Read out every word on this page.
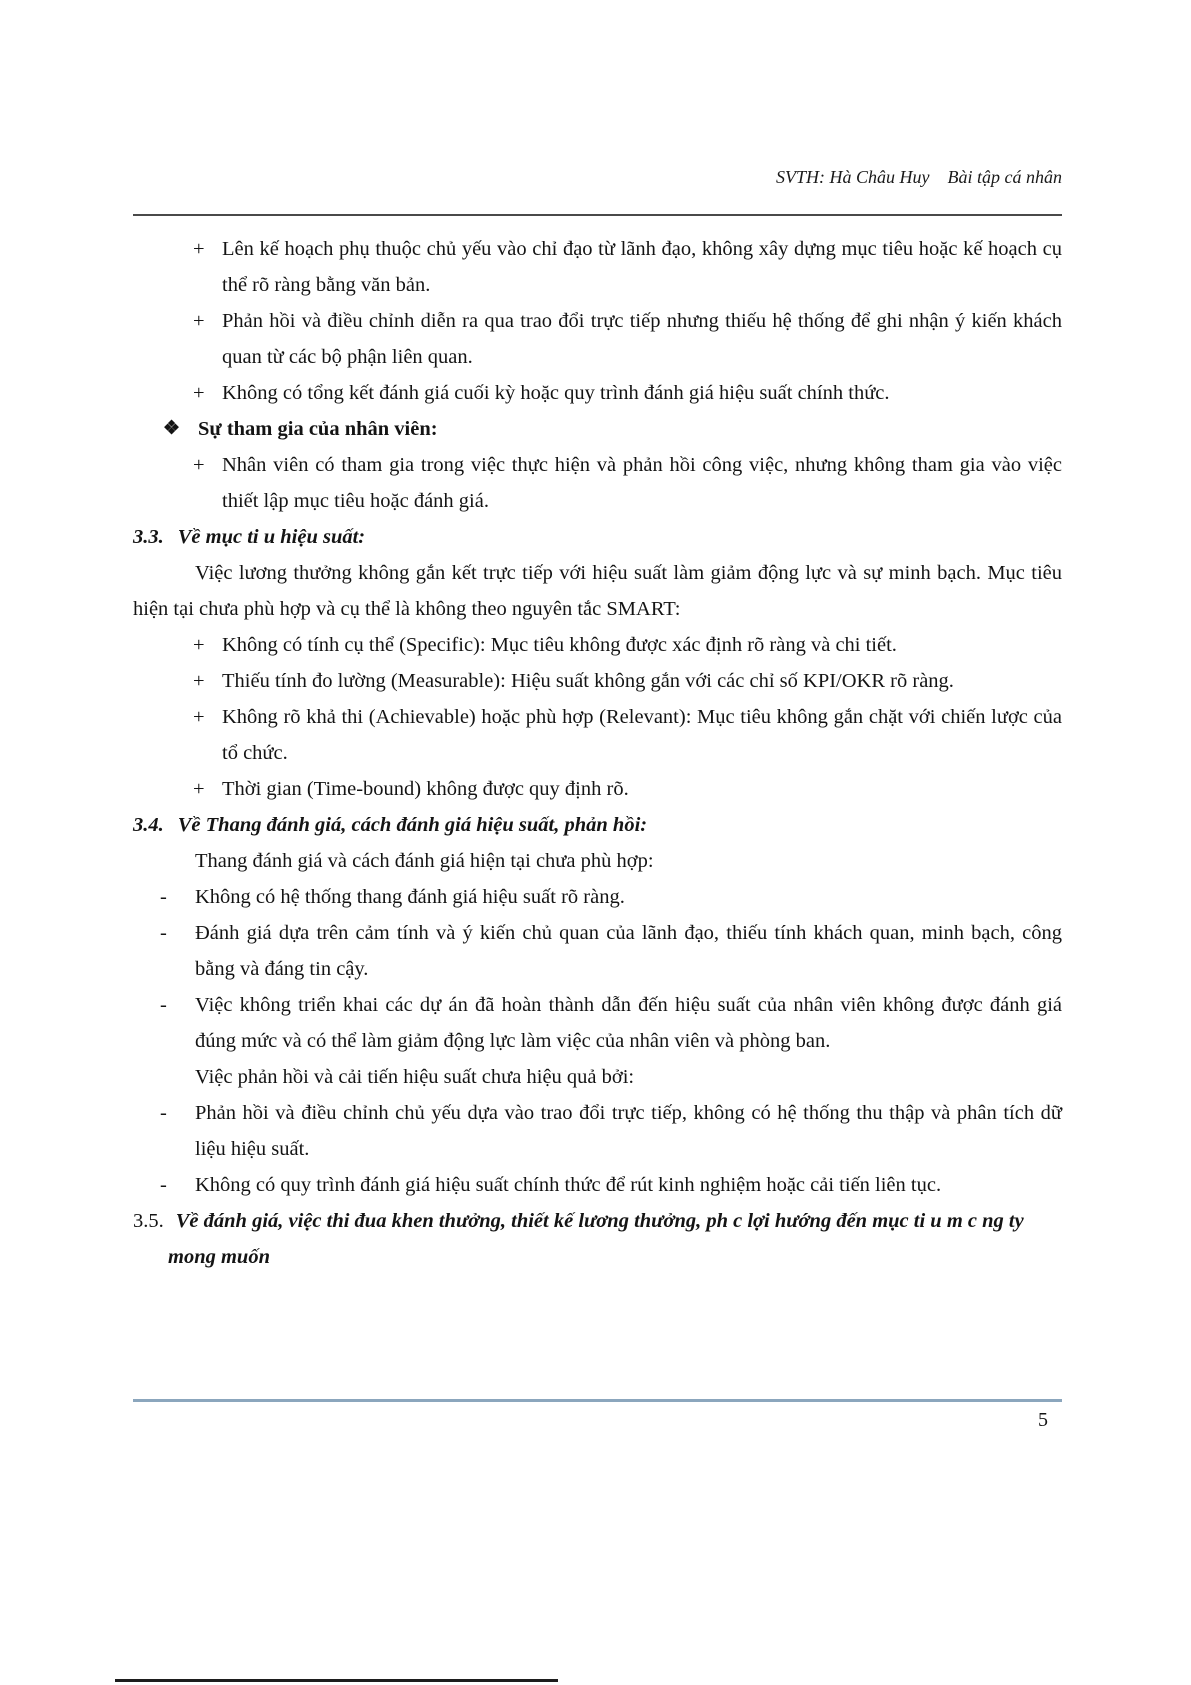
SVTH: Hà Châu Huy    Bài tập cá nhân

+ Lên kế hoạch phụ thuộc chủ yếu vào chỉ đạo từ lãnh đạo, không xây dựng mục tiêu hoặc kế hoạch cụ thể rõ ràng bằng văn bản.
+ Phản hồi và điều chỉnh diễn ra qua trao đổi trực tiếp nhưng thiếu hệ thống để ghi nhận ý kiến khách quan từ các bộ phận liên quan.
+ Không có tổng kết đánh giá cuối kỳ hoặc quy trình đánh giá hiệu suất chính thức.
❖ Sự tham gia của nhân viên:
+ Nhân viên có tham gia trong việc thực hiện và phản hồi công việc, nhưng không tham gia vào việc thiết lập mục tiêu hoặc đánh giá.
3.3. Về mục ti u hiệu suất:
Việc lương thưởng không gắn kết trực tiếp với hiệu suất làm giảm động lực và sự minh bạch. Mục tiêu hiện tại chưa phù hợp và cụ thể là không theo nguyên tắc SMART:
+ Không có tính cụ thể (Specific): Mục tiêu không được xác định rõ ràng và chi tiết.
+ Thiếu tính đo lường (Measurable): Hiệu suất không gắn với các chỉ số KPI/OKR rõ ràng.
+ Không rõ khả thi (Achievable) hoặc phù hợp (Relevant): Mục tiêu không gắn chặt với chiến lược của tổ chức.
+ Thời gian (Time-bound) không được quy định rõ.
3.4. Về Thang đánh giá, cách đánh giá hiệu suất, phản hồi:
Thang đánh giá và cách đánh giá hiện tại chưa phù hợp:
-	Không có hệ thống thang đánh giá hiệu suất rõ ràng.
-	Đánh giá dựa trên cảm tính và ý kiến chủ quan của lãnh đạo, thiếu tính khách quan, minh bạch, công bằng và đáng tin cậy.
-	Việc không triển khai các dự án đã hoàn thành dẫn đến hiệu suất của nhân viên không được đánh giá đúng mức và có thể làm giảm động lực làm việc của nhân viên và phòng ban.
Việc phản hồi và cải tiến hiệu suất chưa hiệu quả bởi:
-	Phản hồi và điều chỉnh chủ yếu dựa vào trao đổi trực tiếp, không có hệ thống thu thập và phân tích dữ liệu hiệu suất.
-	Không có quy trình đánh giá hiệu suất chính thức để rút kinh nghiệm hoặc cải tiến liên tục.
3.5. Về đánh giá, việc thi đua khen thưởng, thiết kế lương thưởng, ph c lợi hướng đến mục ti u m c ng ty mong muốn
5
